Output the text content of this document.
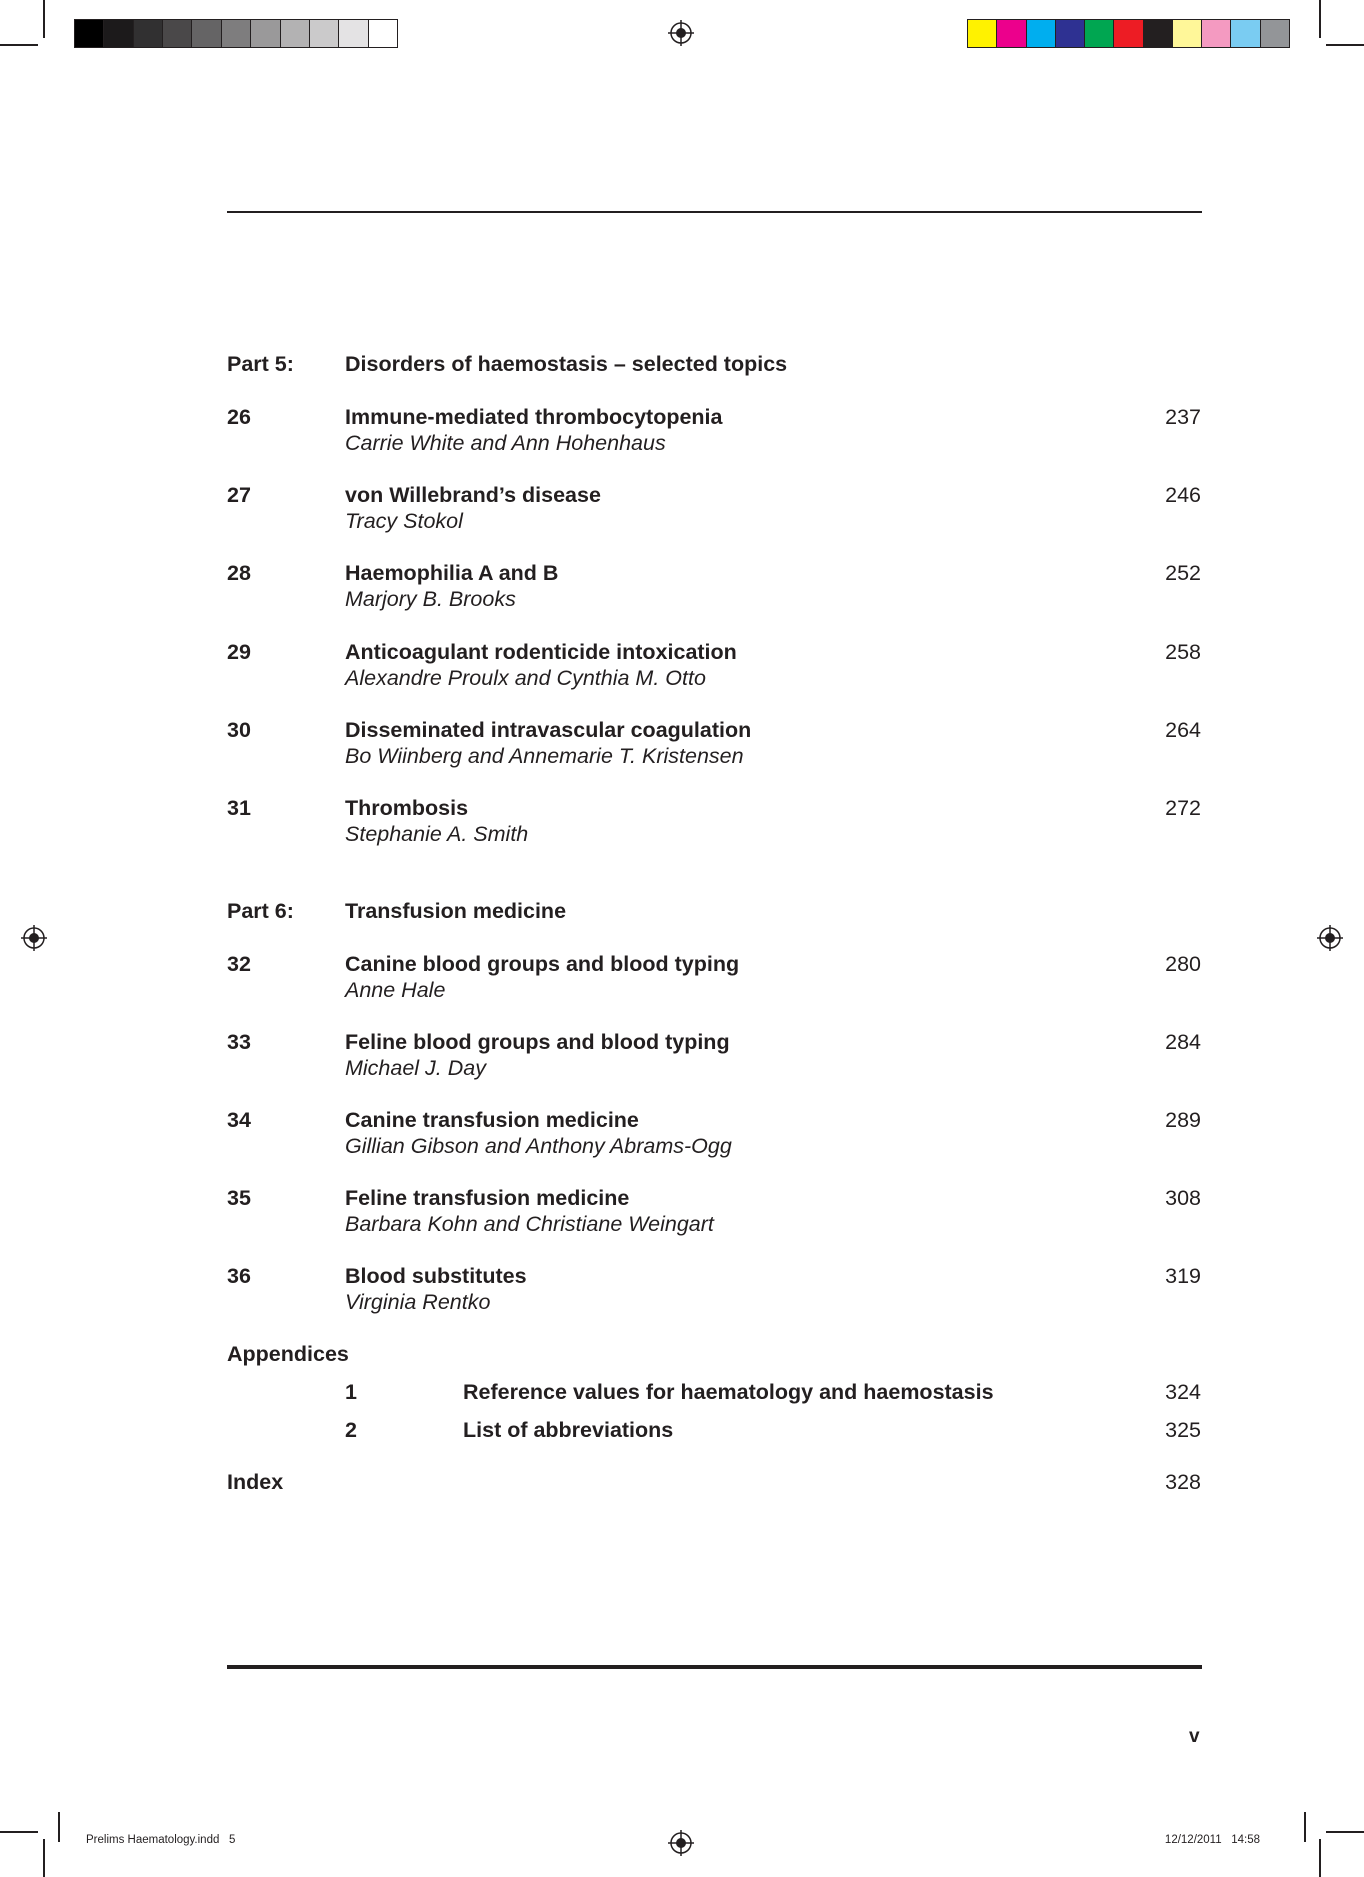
Part 5: Disorders of haemostasis – selected topics
26	Immune-mediated thrombocytopenia
Carrie White and Ann Hohenhaus
237
27	von Willebrand’s disease
Tracy Stokol
246
28	Haemophilia A and B
Marjory B. Brooks
252
29	Anticoagulant rodenticide intoxication
Alexandre Proulx and Cynthia M. Otto
258
30	Disseminated intravascular coagulation
Bo Wiinberg and Annemarie T. Kristensen
264
31	Thrombosis
Stephanie A. Smith
272
Part 6: Transfusion medicine
32	Canine blood groups and blood typing
Anne Hale
280
33	Feline blood groups and blood typing
Michael J. Day
284
34	Canine transfusion medicine
Gillian Gibson and Anthony Abrams-Ogg
289
35	Feline transfusion medicine
Barbara Kohn and Christiane Weingart
308
36	Blood substitutes
Virginia Rentko
319
Appendices
1	Reference values for haematology and haemostasis	324
2	List of abbreviations	325
Index	328
v
Prelims Haematology.indd   5	12/12/2011   14:58
